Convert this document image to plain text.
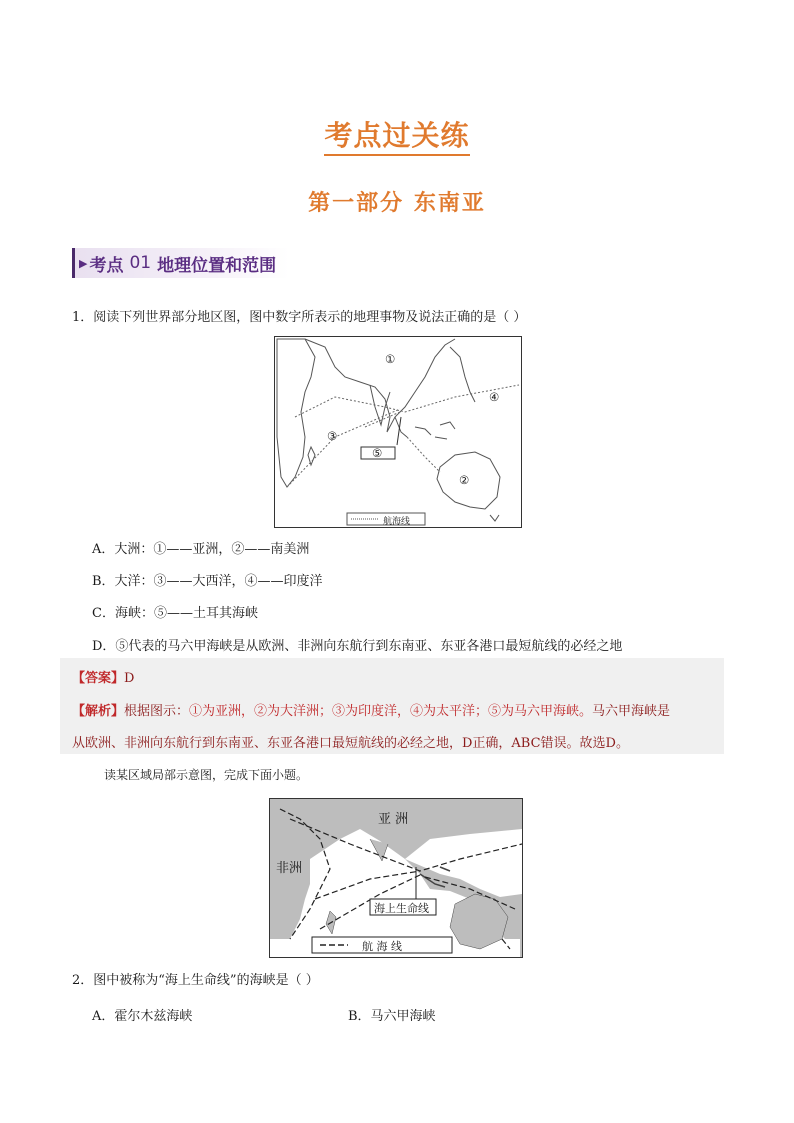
考点过关练
第一部分 东南亚
▶ 考点 01 地理位置和范围
1．阅读下列世界部分地区图，图中数字所表示的地理事物及说法正确的是（ ）
①
②
③
④
⑤
航海线
A．大洲：①——亚洲，②——南美洲
B．大洋：③——大西洋，④——印度洋
C．海峡：⑤——土耳其海峡
D．⑤代表的马六甲海峡是从欧洲、非洲向东航行到东南亚、东亚各港口最短航线的必经之地
【答案】D
【解析】根据图示：①为亚洲，②为大洋洲；③为印度洋，④为太平洋；⑤为马六甲海峡。马六甲海峡是
从欧洲、非洲向东航行到东南亚、东亚各港口最短航线的必经之地，D正确，ABC错误。故选D。
读某区域局部示意图，完成下面小题。
亚 洲
非洲
海上生命线
航 海 线
2．图中被称为“海上生命线”的海峡是（ ）
A．霍尔木兹海峡	B．马六甲海峡
